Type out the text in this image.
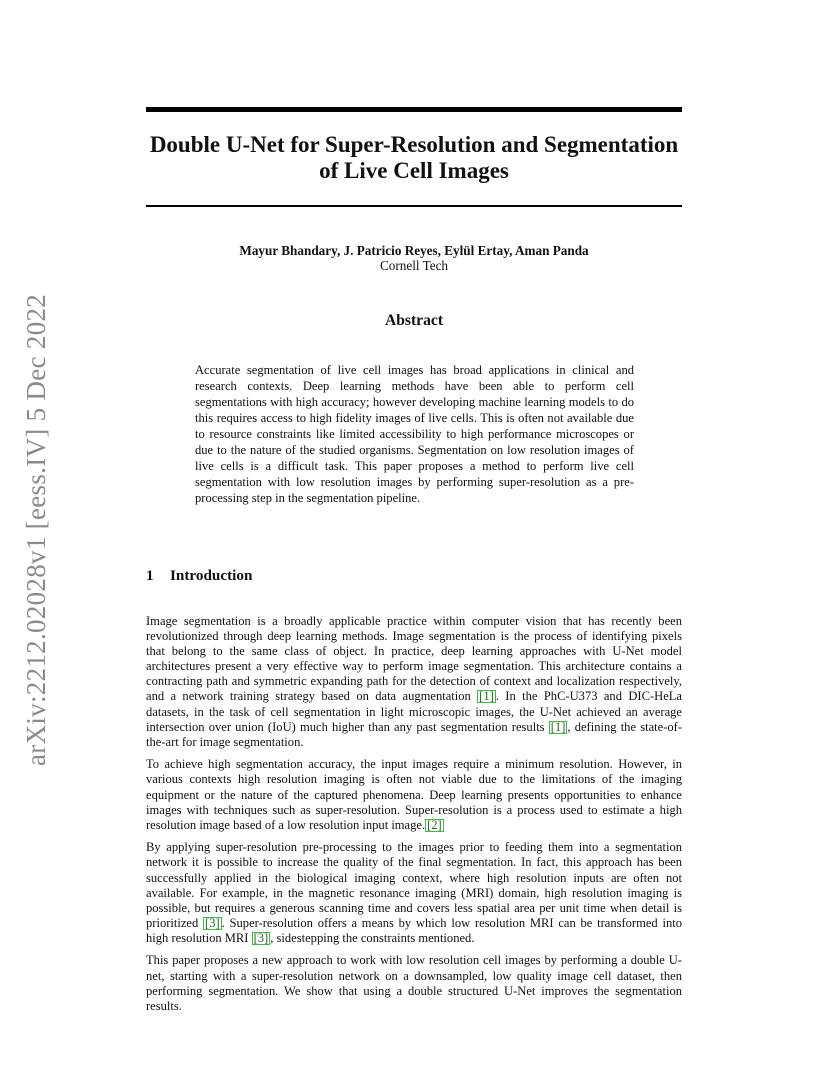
arXiv:2212.02028v1 [eess.IV] 5 Dec 2022
Double U-Net for Super-Resolution and Segmentation
of Live Cell Images
Mayur Bhandary, J. Patricio Reyes, Eylül Ertay, Aman Panda
Cornell Tech
Abstract
Accurate segmentation of live cell images has broad applications in clinical and research contexts. Deep learning methods have been able to perform cell segmentations with high accuracy; however developing machine learning models to do this requires access to high fidelity images of live cells. This is often not available due to resource constraints like limited accessibility to high performance microscopes or due to the nature of the studied organisms. Segmentation on low resolution images of live cells is a difficult task. This paper proposes a method to perform live cell segmentation with low resolution images by performing super-resolution as a pre-processing step in the segmentation pipeline.
1 Introduction

Image segmentation is a broadly applicable practice within computer vision that has recently been revolutionized through deep learning methods. Image segmentation is the process of identifying pixels that belong to the same class of object. In practice, deep learning approaches with U-Net model architectures present a very effective way to perform image segmentation. This architecture contains a contracting path and symmetric expanding path for the detection of context and localization respectively, and a network training strategy based on data augmentation [1] . In the PhC-U373 and DIC-HeLa datasets, in the task of cell segmentation in light microscopic images, the U-Net achieved an average intersection over union (IoU) much higher than any past segmentation results [1] , defining the state-of-the-art for image segmentation.

To achieve high segmentation accuracy, the input images require a minimum resolution. However, in various contexts high resolution imaging is often not viable due to the limitations of the imaging equipment or the nature of the captured phenomena. Deep learning presents opportunities to enhance images with techniques such as super-resolution. Super-resolution is a process used to estimate a high resolution image based of a low resolution input image. [2]

By applying super-resolution pre-processing to the images prior to feeding them into a segmentation network it is possible to increase the quality of the final segmentation. In fact, this approach has been successfully applied in the biological imaging context, where high resolution inputs are often not available. For example, in the magnetic resonance imaging (MRI) domain, high resolution imaging is possible, but requires a generous scanning time and covers less spatial area per unit time when detail is prioritized [3] . Super-resolution offers a means by which low resolution MRI can be transformed into high resolution MRI [3] , sidestepping the constraints mentioned.

This paper proposes a new approach to work with low resolution cell images by performing a double U-net, starting with a super-resolution network on a downsampled, low quality image cell dataset, then performing segmentation. We show that using a double structured U-Net improves the segmentation results.
